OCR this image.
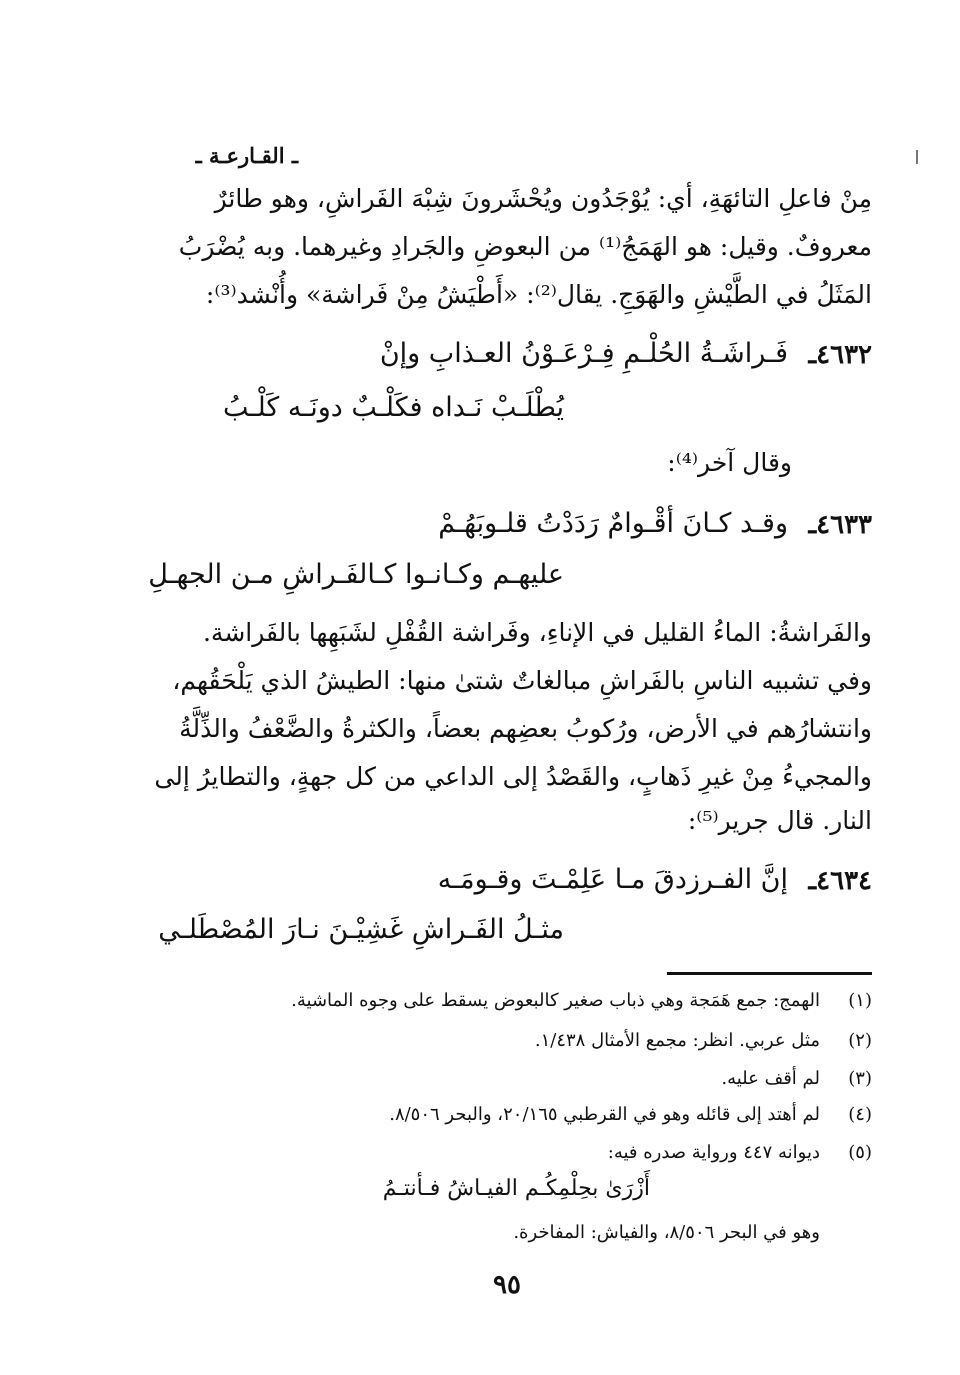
ـ القـارعـة ـ
مِنْ فاعلِ التائهَةِ، أي: يُوْجَدُون ويُحْشَرونَ شِبْهَ الفَراشِ، وهو طائرٌ
معروفٌ. وقيل: هو الهَمَجُ⁽¹⁾ من البعوضِ والجَرادِ وغيرهما. وبه يُضْرَبُ
المَثَلُ في الطَّيْشِ والهَوَجِ. يقال⁽²⁾: «أَطْيَشُ مِنْ فَراشة» وأُنْشد⁽³⁾:
٤٦٣٢ـ
فَـراشَـةُ الحُلْـمِ فِـرْعَـوْنُ العـذابِ وإنْ
يُطْلَـبْ نَـداه فكَلْـبٌ دونَـه كَلْـبُ
وقال آخر⁽⁴⁾:
٤٦٣٣ـ
وقـد كـانَ أقْـوامٌ رَدَدْتُ قلـوبَهُـمْ
عليهـم وكـانـوا كـالفَـراشِ مـن الجهـلِ
والفَراشةُ: الماءُ القليل في الإناءِ، وفَراشة القُفْلِ لشَبَهِها بالفَراشة.
وفي تشبيه الناسِ بالفَراشِ مبالغاتٌ شتىٰ منها: الطيشُ الذي يَلْحَقُهم،
وانتشارُهم في الأرض، ورُكوبُ بعضِهم بعضاً، والكثرةُ والضَّعْفُ والذِّلَّةُ
والمجيءُ مِنْ غيرِ ذَهابٍ، والقَصْدُ إلى الداعي من كل جهةٍ، والتطايرُ إلى
النار. قال جرير⁽⁵⁾:
٤٦٣٤ـ
إنَّ الفـرزدقَ مـا عَلِمْـتَ وقـومَـه
مثـلُ الفَـراشِ غَشِيْـنَ نـارَ المُصْطَلـي
(١)
الهمج: جمع هَمَجة وهي ذباب صغير كالبعوض يسقط على وجوه الماشية.
(٢)
مثل عربي. انظر: مجمع الأمثال ١/٤٣٨.
(٣)
لم أقف عليه.
(٤)
لم أهتد إلى قائله وهو في القرطبي ٢٠/١٦٥، والبحر ٨/٥٠٦.
(٥)
ديوانه ٤٤٧ ورواية صدره فيه:
أَزْرَىٰ بحِلْمِكُـم الفيـاشُ فـأنتـمُ
وهو في البحر ٨/٥٠٦، والفياش: المفاخرة.
٩٥
